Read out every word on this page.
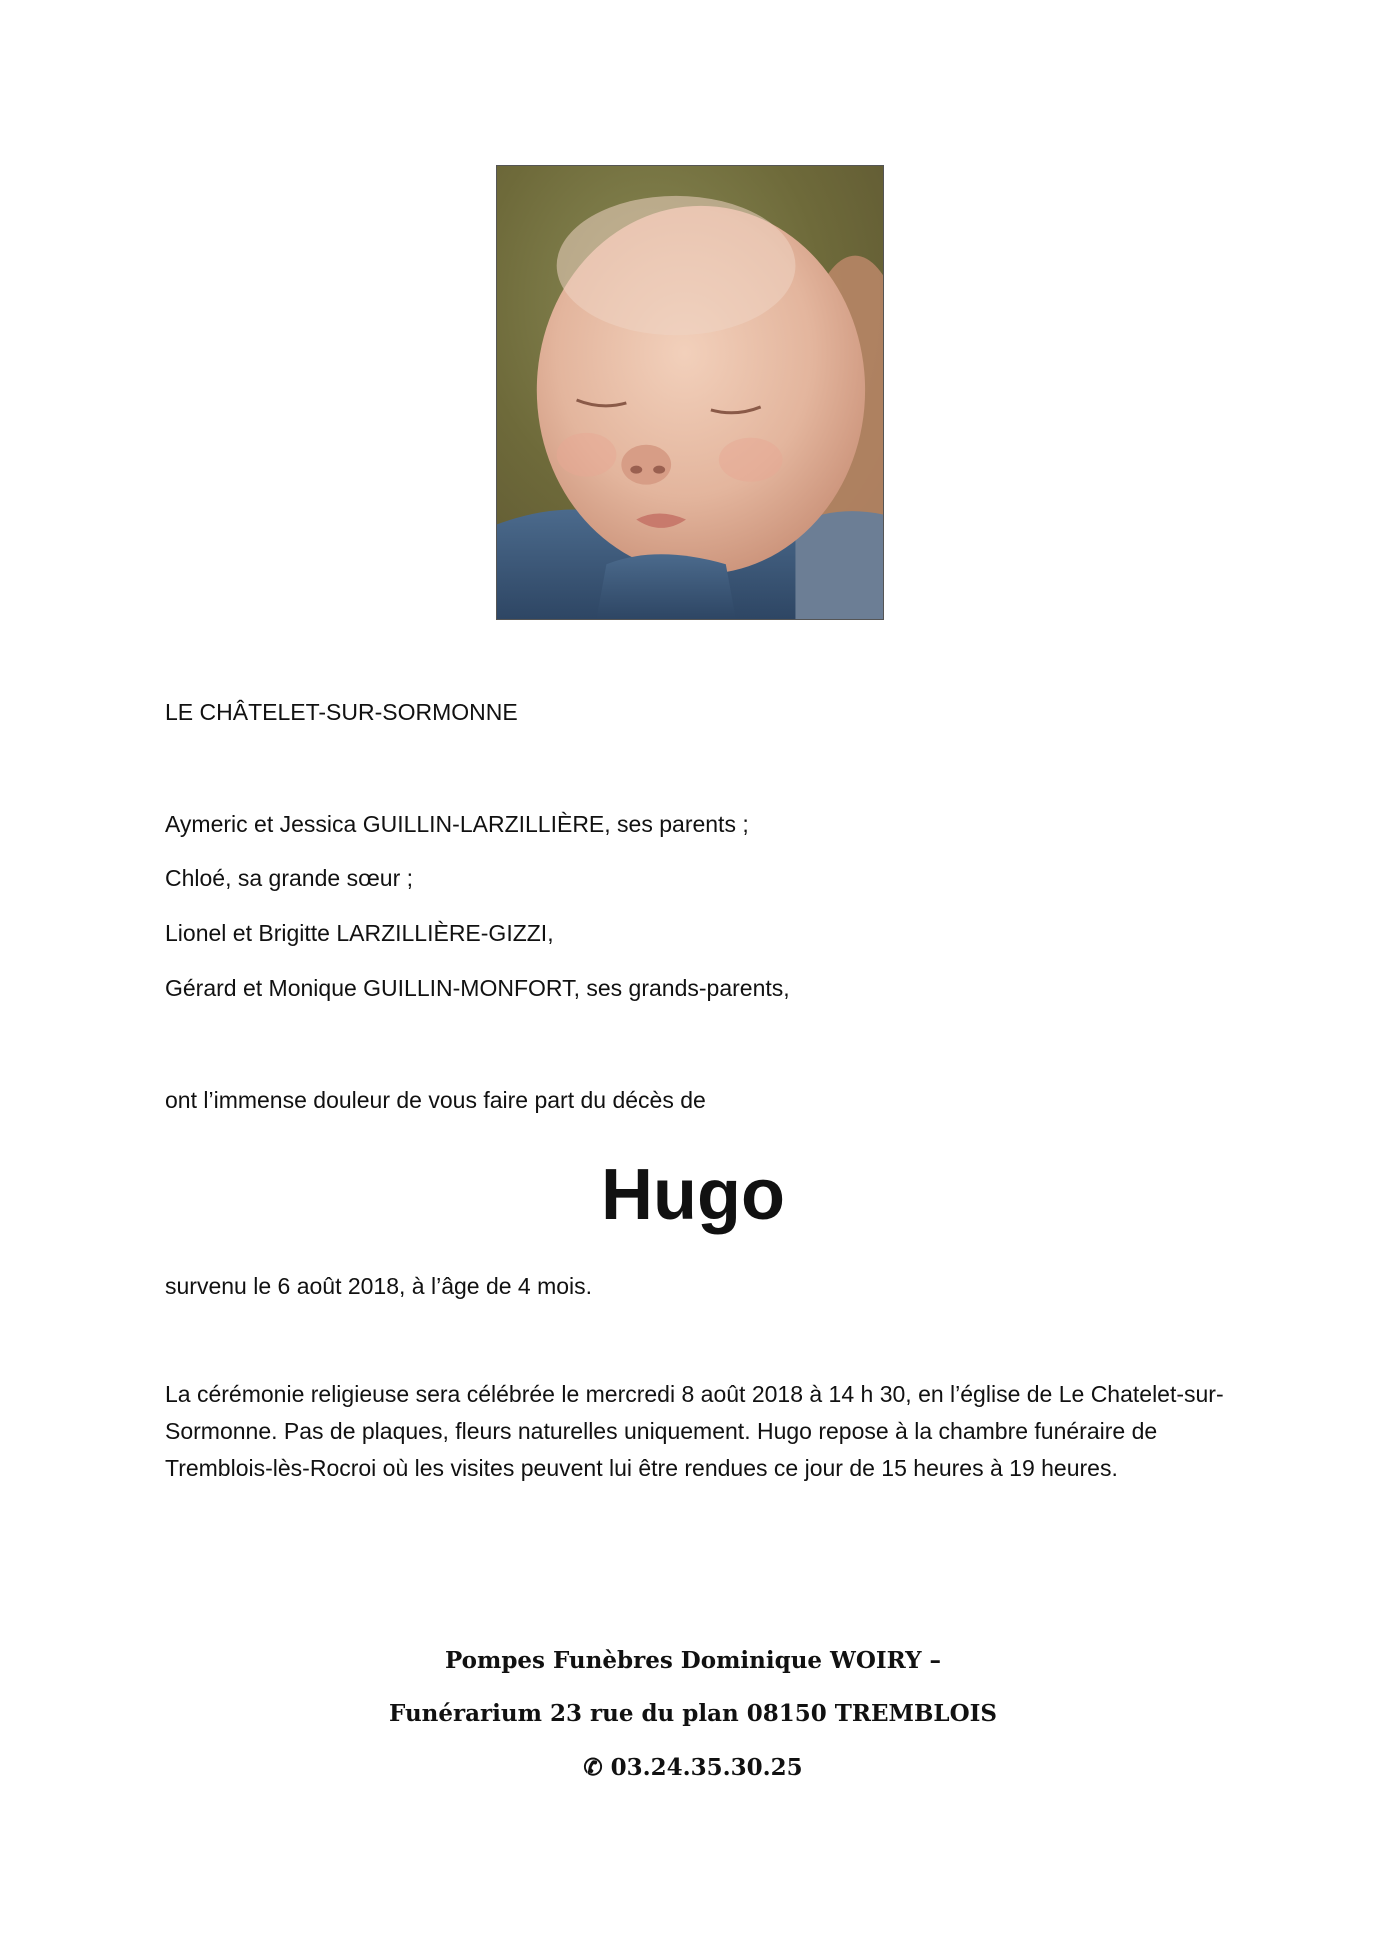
LE CHÂTELET-SUR-SORMONNE
Aymeric et Jessica GUILLIN-LARZILLIÈRE, ses parents ;
Chloé, sa grande sœur ;
Lionel et Brigitte LARZILLIÈRE-GIZZI,
Gérard et Monique GUILLIN-MONFORT, ses grands-parents,
ont l’immense douleur de vous faire part du décès de
Hugo
survenu le 6 août 2018, à l’âge de 4 mois.
La cérémonie religieuse sera célébrée le mercredi 8 août 2018 à 14 h 30, en l’église de Le Chatelet-sur-Sormonne. Pas de plaques, fleurs naturelles uniquement. Hugo repose à la chambre funéraire de Tremblois-lès-Rocroi où les visites peuvent lui être rendues ce jour de 15 heures à 19 heures.
Pompes Funèbres Dominique WOIRY –
Funérarium 23 rue du plan 08150 TREMBLOIS
✆ 03.24.35.30.25
